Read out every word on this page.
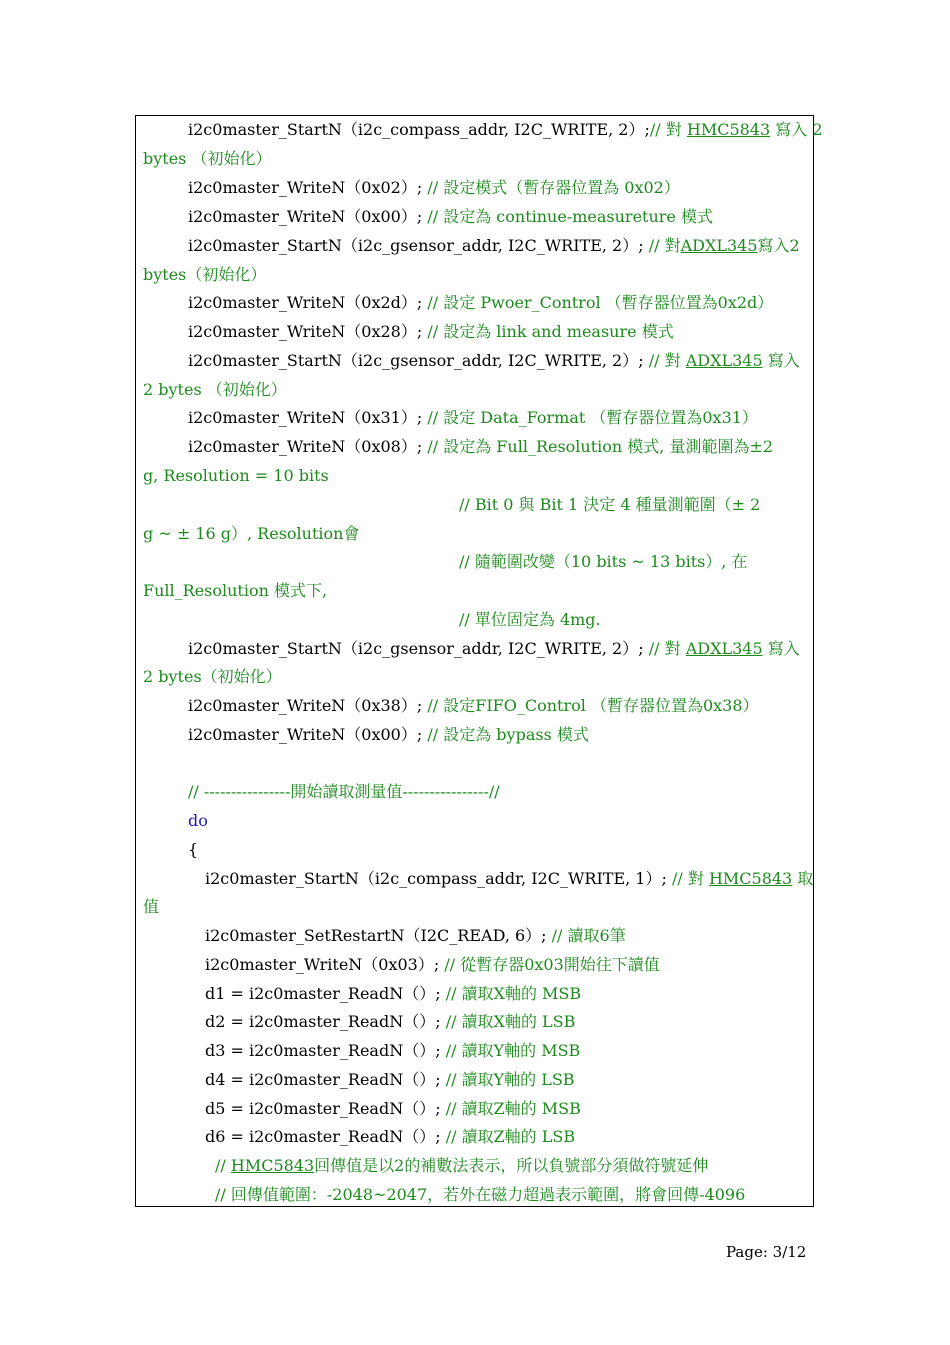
i2c0master_StartN（i2c_compass_addr, I2C_WRITE, 2）;// 對 HMC5843 寫入 2
bytes （初始化）
i2c0master_WriteN（0x02）; // 設定模式（暫存器位置為 0x02）
i2c0master_WriteN（0x00）; // 設定為 continue-measureture 模式
i2c0master_StartN（i2c_gsensor_addr, I2C_WRITE, 2）; // 對ADXL345寫入2
bytes（初始化）
i2c0master_WriteN（0x2d）; // 設定 Pwoer_Control （暫存器位置為0x2d）
i2c0master_WriteN（0x28）; // 設定為 link and measure 模式
i2c0master_StartN（i2c_gsensor_addr, I2C_WRITE, 2）; // 對 ADXL345 寫入
2 bytes （初始化）
i2c0master_WriteN（0x31）; // 設定 Data_Format （暫存器位置為0x31）
i2c0master_WriteN（0x08）; // 設定為 Full_Resolution 模式, 量測範圍為±2
g, Resolution = 10 bits
// Bit 0 與 Bit 1 決定 4 種量測範圍（± 2
g ~ ± 16 g）, Resolution會
// 隨範圍改變（10 bits ~ 13 bits）, 在
Full_Resolution 模式下,
// 單位固定為 4mg.
i2c0master_StartN（i2c_gsensor_addr, I2C_WRITE, 2）; // 對 ADXL345 寫入
2 bytes（初始化）
i2c0master_WriteN（0x38）; // 設定FIFO_Control （暫存器位置為0x38）
i2c0master_WriteN（0x00）; // 設定為 bypass 模式
// ----------------開始讀取測量值----------------//
do
{
i2c0master_StartN（i2c_compass_addr, I2C_WRITE, 1）; // 對 HMC5843 取
值
i2c0master_SetRestartN（I2C_READ, 6）; // 讀取6筆
i2c0master_WriteN（0x03）; // 從暫存器0x03開始往下讀值
d1 = i2c0master_ReadN（）; // 讀取X軸的 MSB
d2 = i2c0master_ReadN（）; // 讀取X軸的 LSB
d3 = i2c0master_ReadN（）; // 讀取Y軸的 MSB
d4 = i2c0master_ReadN（）; // 讀取Y軸的 LSB
d5 = i2c0master_ReadN（）; // 讀取Z軸的 MSB
d6 = i2c0master_ReadN（）; // 讀取Z軸的 LSB
// HMC5843回傳值是以2的補數法表示，所以負號部分須做符號延伸
// 回傳值範圍：-2048~2047，若外在磁力超過表示範圍，將會回傳-4096
Page: 3/12
